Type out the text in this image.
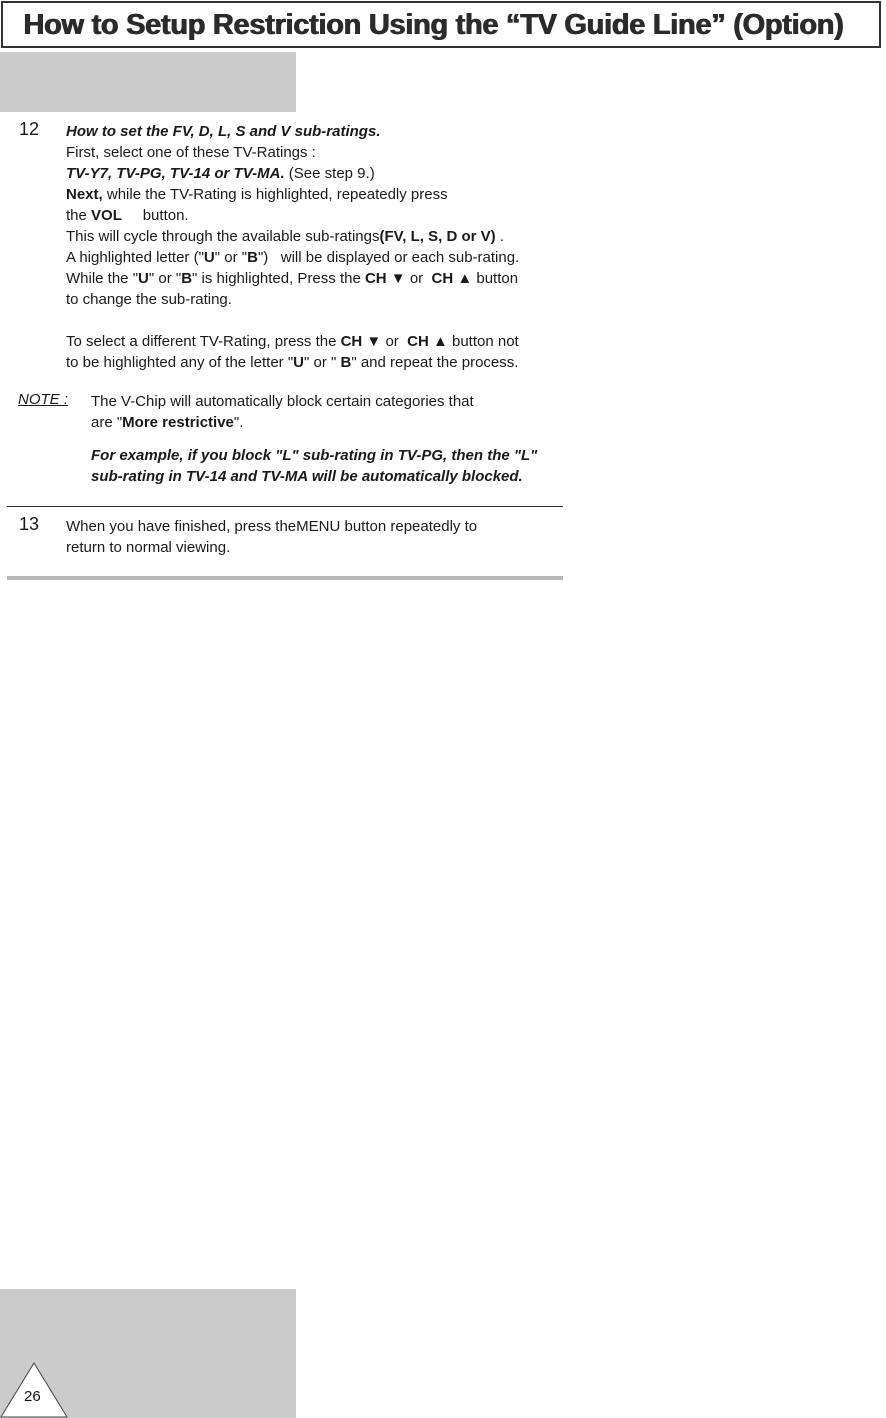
How to Setup Restriction Using the “TV Guide Line” (Option)
12 How to set the FV, D, L, S and V sub-ratings.
First, select one of these TV-Ratings :
TV-Y7, TV-PG, TV-14 or TV-MA. (See step 9.)
Next, while the TV-Rating is highlighted, repeatedly press
the VOL     button.
This will cycle through the available sub-ratings(FV, L, S, D or V) .
A highlighted letter ("U" or "B")   will be displayed or each sub-rating.
While the "U" or "B" is highlighted, Press the CH ▼ or  CH ▲ button
to change the sub-rating.
To select a different TV-Rating, press the CH ▼ or  CH ▲ button not
to be highlighted any of the letter "U" or " B" and repeat the process.
NOTE : The V-Chip will automatically block certain categories that
are "More restrictive".
For example, if you block "L" sub-rating in TV-PG, then the "L"
sub-rating in TV-14 and TV-MA will be automatically blocked.
13 When you have finished, press theMENU button repeatedly to
return to normal viewing.
26
